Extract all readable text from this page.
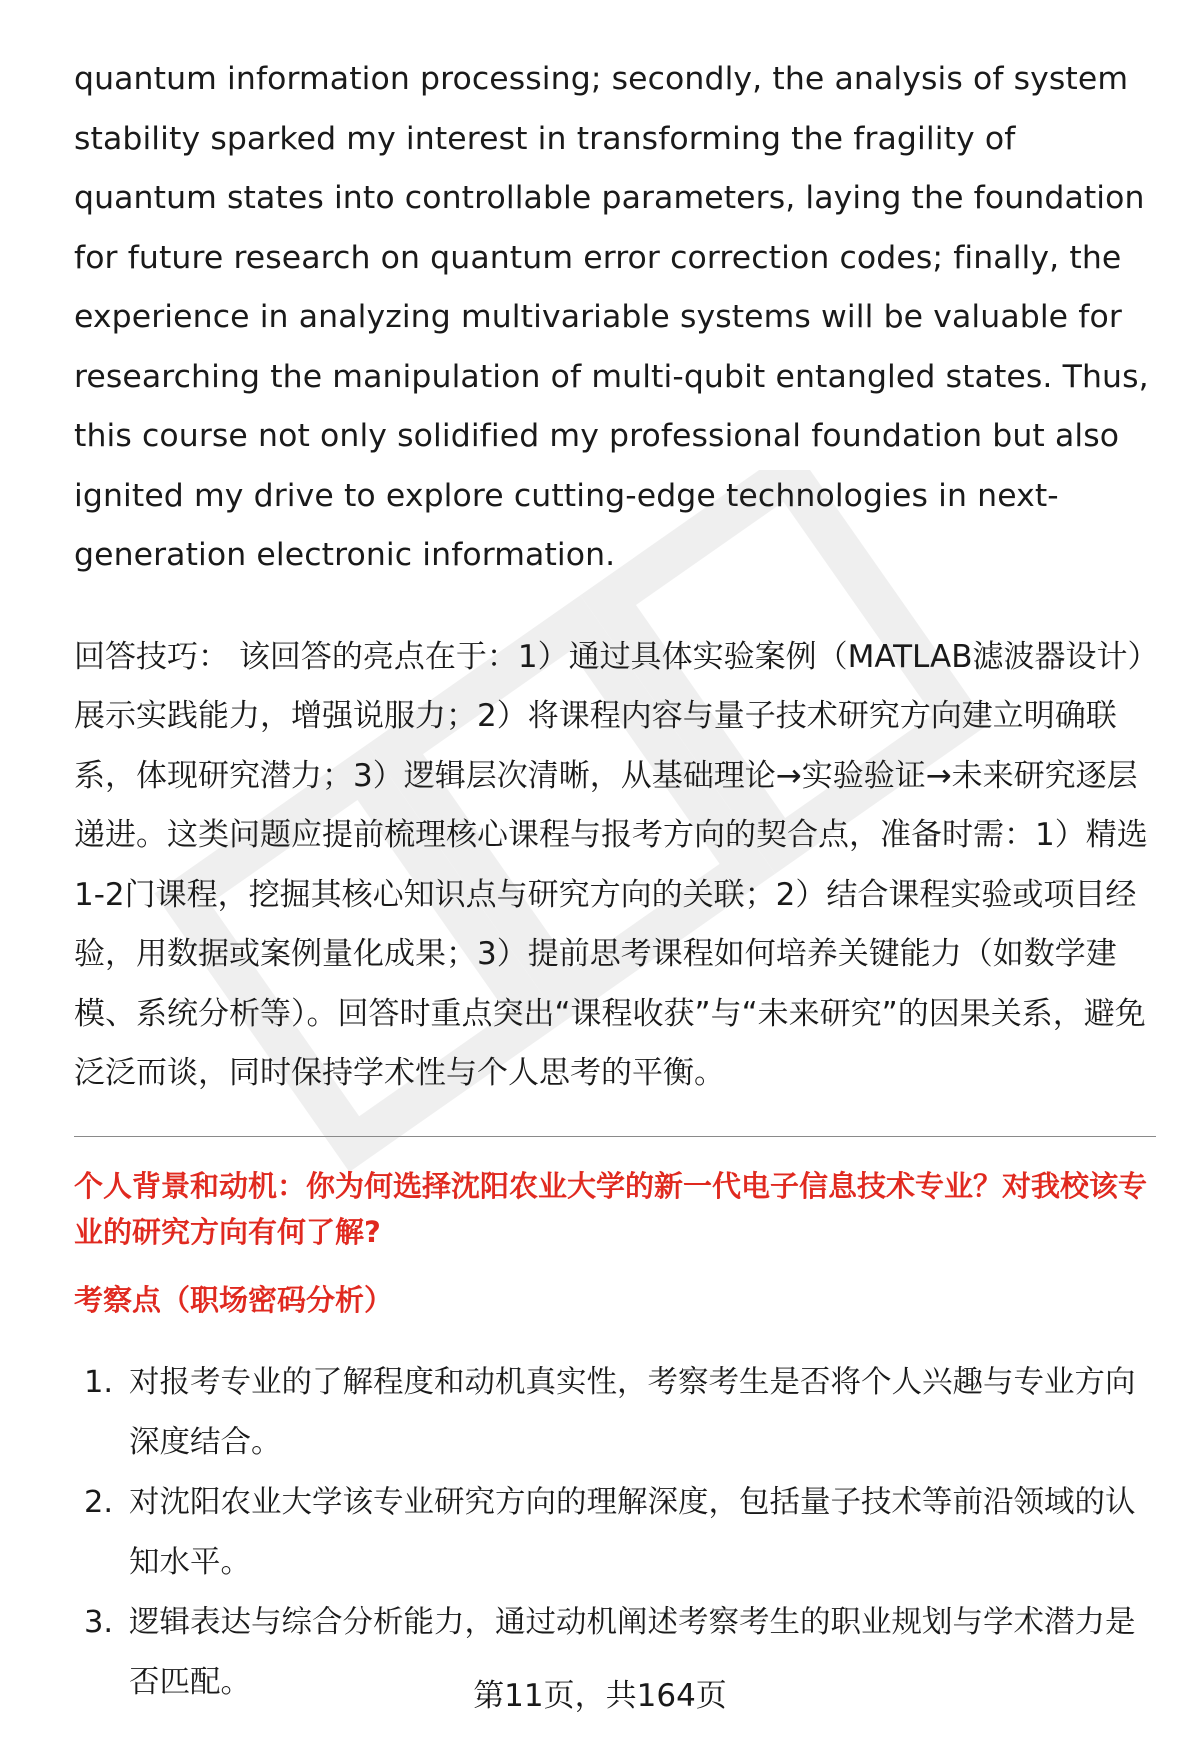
quantum information processing; secondly, the analysis of system stability sparked my interest in transforming the fragility of quantum states into controllable parameters, laying the foundation for future research on quantum error correction codes; finally, the experience in analyzing multivariable systems will be valuable for researching the manipulation of multi-qubit entangled states. Thus, this course not only solidified my professional foundation but also ignited my drive to explore cutting-edge technologies in next-generation electronic information.

回答技巧： 该回答的亮点在于：1）通过具体实验案例（MATLAB滤波器设计）展示实践能力，增强说服力；2）将课程内容与量子技术研究方向建立明确联系，体现研究潜力；3）逻辑层次清晰，从基础理论→实验验证→未来研究逐层递进。这类问题应提前梳理核心课程与报考方向的契合点，准备时需：1）精选1-2门课程，挖掘其核心知识点与研究方向的关联；2）结合课程实验或项目经验，用数据或案例量化成果；3）提前思考课程如何培养关键能力（如数学建模、系统分析等）。回答时重点突出“课程收获”与“未来研究”的因果关系，避免泛泛而谈，同时保持学术性与个人思考的平衡。

个人背景和动机：你为何选择沈阳农业大学的新一代电子信息技术专业？对我校该专业的研究方向有何了解?
考察点（职场密码分析）
1. 对报考专业的了解程度和动机真实性，考察考生是否将个人兴趣与专业方向深度结合。
2. 对沈阳农业大学该专业研究方向的理解深度，包括量子技术等前沿领域的认知水平。
3. 逻辑表达与综合分析能力，通过动机阐述考察考生的职业规划与学术潜力是否匹配。	第11页，共164页
